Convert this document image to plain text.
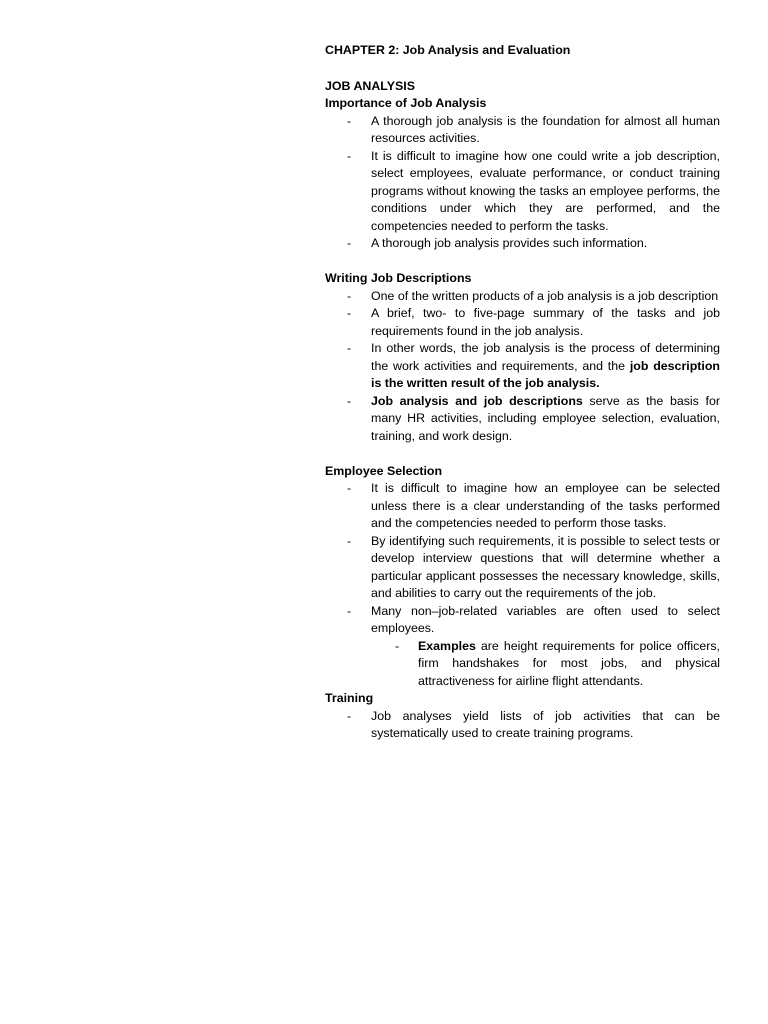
CHAPTER 2: Job Analysis and Evaluation
JOB ANALYSIS
Importance of Job Analysis
- A thorough job analysis is the foundation for almost all human resources activities.
- It is difficult to imagine how one could write a job description, select employees, evaluate performance, or conduct training programs without knowing the tasks an employee performs, the conditions under which they are performed, and the competencies needed to perform the tasks.
- A thorough job analysis provides such information.
Writing Job Descriptions
- One of the written products of a job analysis is a job description
- A brief, two- to five-page summary of the tasks and job requirements found in the job analysis.
- In other words, the job analysis is the process of determining the work activities and requirements, and the job description is the written result of the job analysis.
- Job analysis and job descriptions serve as the basis for many HR activities, including employee selection, evaluation, training, and work design.
Employee Selection
- It is difficult to imagine how an employee can be selected unless there is a clear understanding of the tasks performed and the competencies needed to perform those tasks.
- By identifying such requirements, it is possible to select tests or develop interview questions that will determine whether a particular applicant possesses the necessary knowledge, skills, and abilities to carry out the requirements of the job.
- Many non–job-related variables are often used to select employees.
- Examples are height requirements for police officers, firm handshakes for most jobs, and physical attractiveness for airline flight attendants.
Training
- Job analyses yield lists of job activities that can be systematically used to create training programs.
